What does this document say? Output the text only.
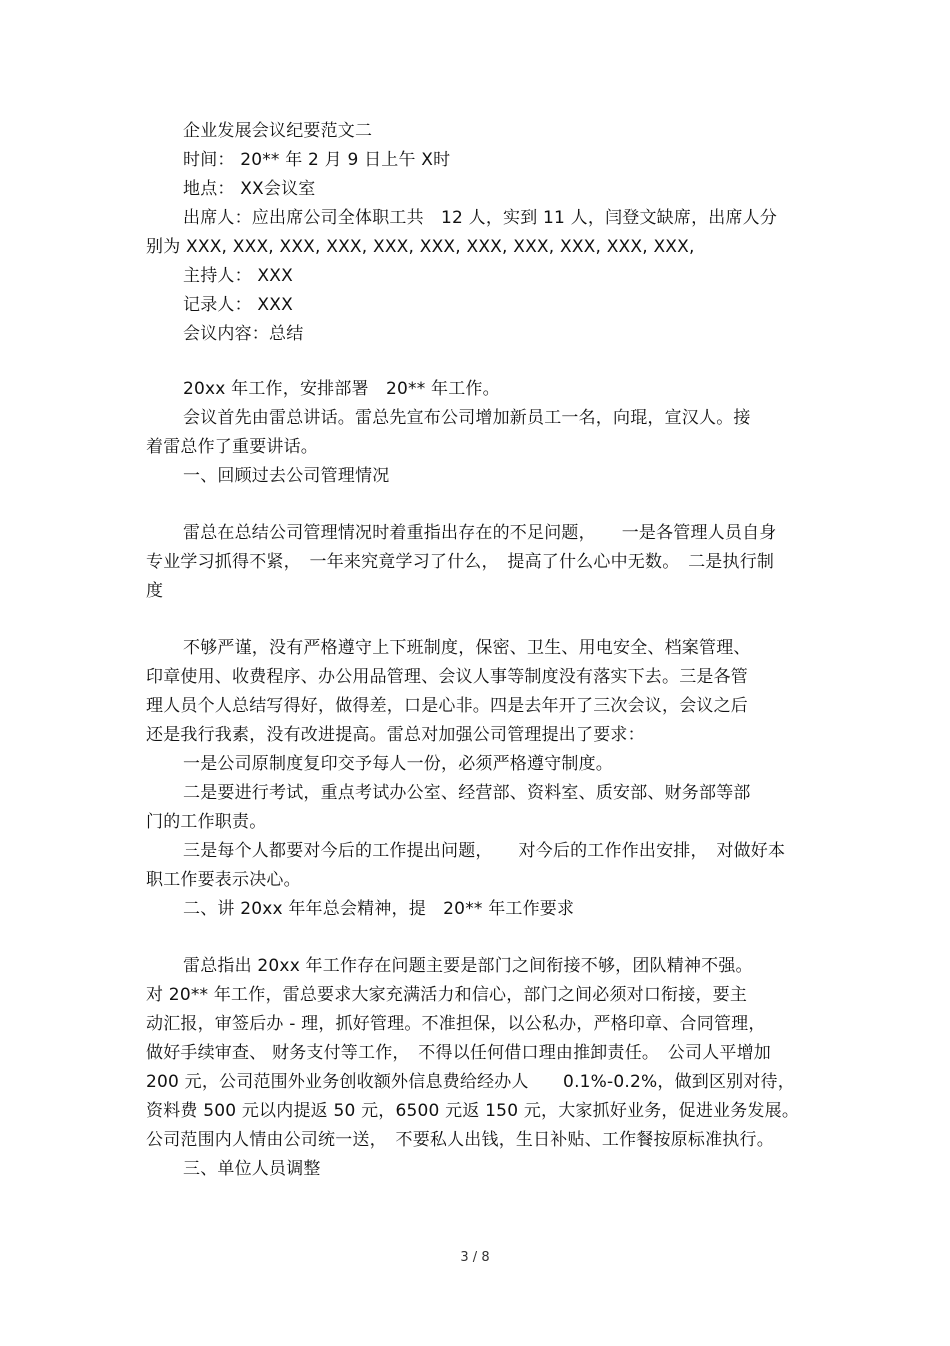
企业发展会议纪要范文二
时间： 20** 年 2 月 9 日上午 X时
地点： XX会议室
出席人：应出席公司全体职工共　12 人，实到 11 人，闫登文缺席，出席人分
别为 XXX, XXX, XXX, XXX, XXX, XXX, XXX, XXX, XXX, XXX, XXX,
主持人： XXX
记录人： XXX
会议内容：总结
20xx 年工作，安排部署　20** 年工作。
会议首先由雷总讲话。雷总先宣布公司增加新员工一名，向琨，宣汉人。接
着雷总作了重要讲话。
一、回顾过去公司管理情况
雷总在总结公司管理情况时着重指出存在的不足问题，　　一是各管理人员自身
专业学习抓得不紧，　一年来究竟学习了什么，　提高了什么心中无数。　二是执行制
度
不够严谨，没有严格遵守上下班制度，保密、卫生、用电安全、档案管理、
印章使用、收费程序、办公用品管理、会议人事等制度没有落实下去。三是各管
理人员个人总结写得好，做得差，口是心非。四是去年开了三次会议，会议之后
还是我行我素，没有改进提高。雷总对加强公司管理提出了要求：
一是公司原制度复印交予每人一份，必须严格遵守制度。
二是要进行考试，重点考试办公室、经营部、资料室、质安部、财务部等部
门的工作职责。
三是每个人都要对今后的工作提出问题，　　对今后的工作作出安排，　对做好本
职工作要表示决心。
二、讲 20xx 年年总会精神，提　20** 年工作要求
雷总指出 20xx 年工作存在问题主要是部门之间衔接不够，团队精神不强。
对 20** 年工作，雷总要求大家充满活力和信心，部门之间必须对口衔接，要主
动汇报，审签后办 - 理，抓好管理。不准担保，以公私办，严格印章、合同管理，
做好手续审查、 财务支付等工作，　不得以任何借口理由推卸责任。　公司人平增加
200 元，公司范围外业务创收额外信息费给经办人　　0.1%-0.2%，做到区别对待，
资料费 500 元以内提返 50 元，6500 元返 150 元，大家抓好业务，促进业务发展。
公司范围内人情由公司统一送，　不要私人出钱，生日补贴、工作餐按原标准执行。
三、单位人员调整
3 / 8
